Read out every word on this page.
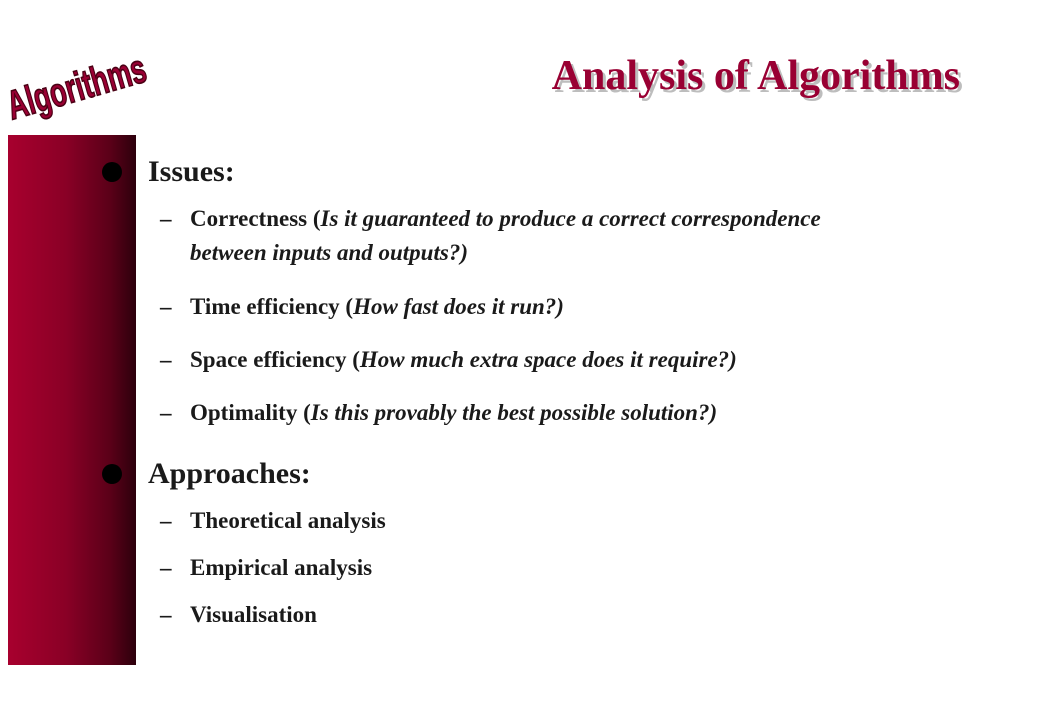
Algorithms	Analysis of Algorithms
Issues:
– Correctness (Is it guaranteed to produce a correct correspondence between inputs and outputs?)
– Time efficiency (How fast does it run?)
– Space efficiency (How much extra space does it require?)
– Optimality (Is this provably the best possible solution?)
Approaches:
– Theoretical analysis
– Empirical analysis
– Visualisation
